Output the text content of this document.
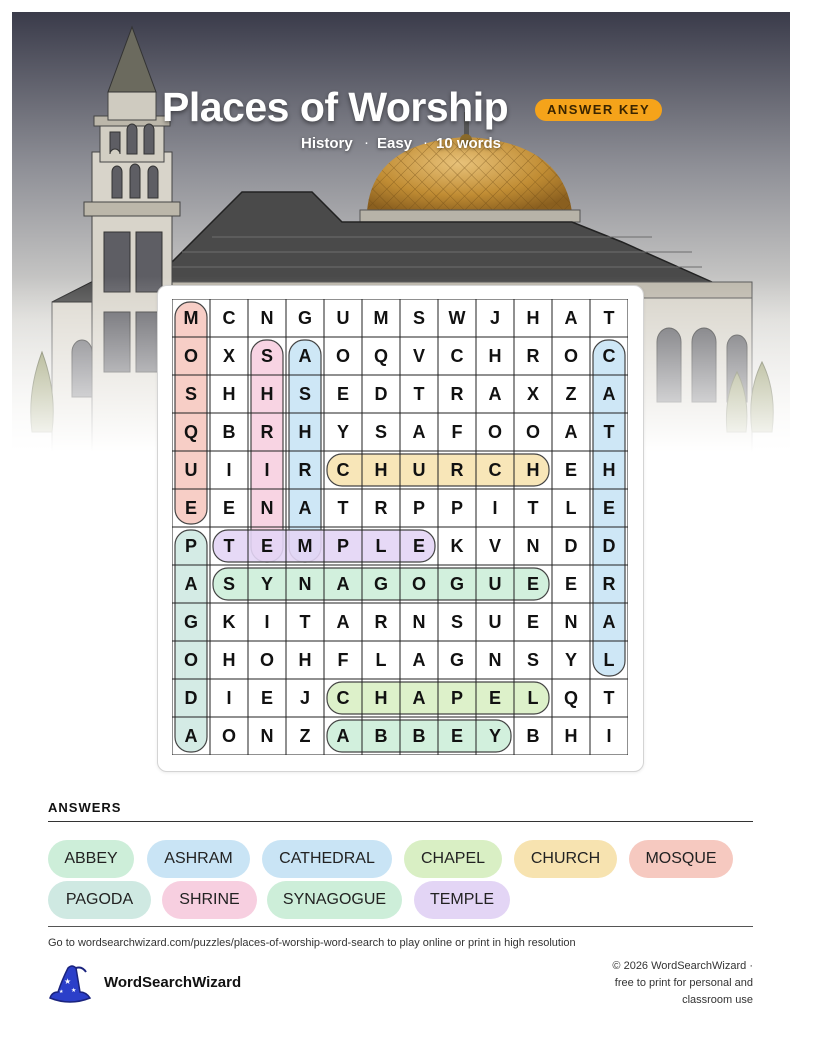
Places of Worship	ANSWER KEY
History · Easy · 10 words
M	C	N	G	U	M	S	W	J	H	A	T
O	X	S	A	O	Q	V	C	H	R	O	C
S	H	H	S	E	D	T	R	A	X	Z	A
Q	B	R	H	Y	S	A	F	O	O	A	T
U	I	I	R	C	H	U	R	C	H	E	H
E	E	N	A	T	R	P	P	I	T	L	E
P	T	E	M	P	L	E	K	V	N	D	D
A	S	Y	N	A	G	O	G	U	E	E	R
G	K	I	T	A	R	N	S	U	E	N	A
O	H	O	H	F	L	A	G	N	S	Y	L
D	I	E	J	C	H	A	P	E	L	Q	T
A	O	N	Z	A	B	B	E	Y	B	H	I
ANSWERS
ABBEY	ASHRAM	CATHEDRAL	CHAPEL	CHURCH	MOSQUE
PAGODA	SHRINE	SYNAGOGUE	TEMPLE
Go to wordsearchwizard.com/puzzles/places-of-worship-word-search to play online or print in high resolution
★
★
★
WordSearchWizard
© 2026 WordSearchWizard ·
free to print for personal and
classroom use
